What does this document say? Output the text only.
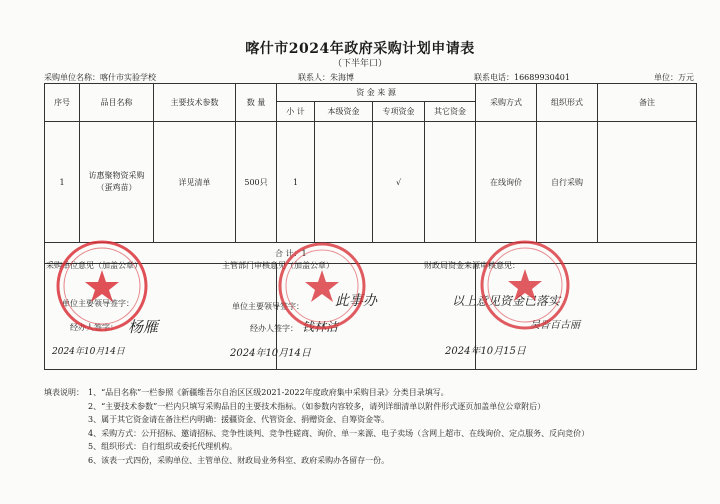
喀什市2024年政府采购计划申请表
（下半年口）
采购单位名称：喀什市实验学校	联系人：朱海博	联系电话：16689930401	单位：万元
序号	品目名称	主要技术参数	数 量	资 金 来 源				采购方式	组织形式	备注
				小 计	本级资金	专项资金	其它资金			
1	访惠聚物资采购（蛋鸡苗）	详见清单	500只	1		√		在线询价	自行采购	
合 计：1										

采购单位意见（加盖公章）
单位主要领导签字：
经办人签字： 杨雁
2024年10月14日
主管部门审核意见（加盖公章）
单位主要领导签字： 此事办
经办人签字： 钱林洁
2024年10月14日
财政局资金来源审核意见：
以上意见资金已落实
吴晋百古丽
2024年10月15日
填表说明： 1、“品目名称”一栏参照《新疆维吾尔自治区区级2021-2022年度政府集中采购目录》分类目录填写。
2、“主要技术参数”一栏内只填写采购品目的主要技术指标。（如参数内容较多，请列详细清单以附件形式逐页加盖单位公章附后）
3、属于其它资金请在备注栏内明确：援疆资金、代管资金、捐赠资金、自筹资金等。
4、采购方式：公开招标、邀请招标、竞争性谈判、竞争性磋商、询价、单一来源、电子卖场（含网上超市、在线询价、定点服务、反向竞价）
5、组织形式：自行组织或委托代理机构。
6、该表一式四份，采购单位、主管单位、财政局业务科室、政府采购办各留存一份。
